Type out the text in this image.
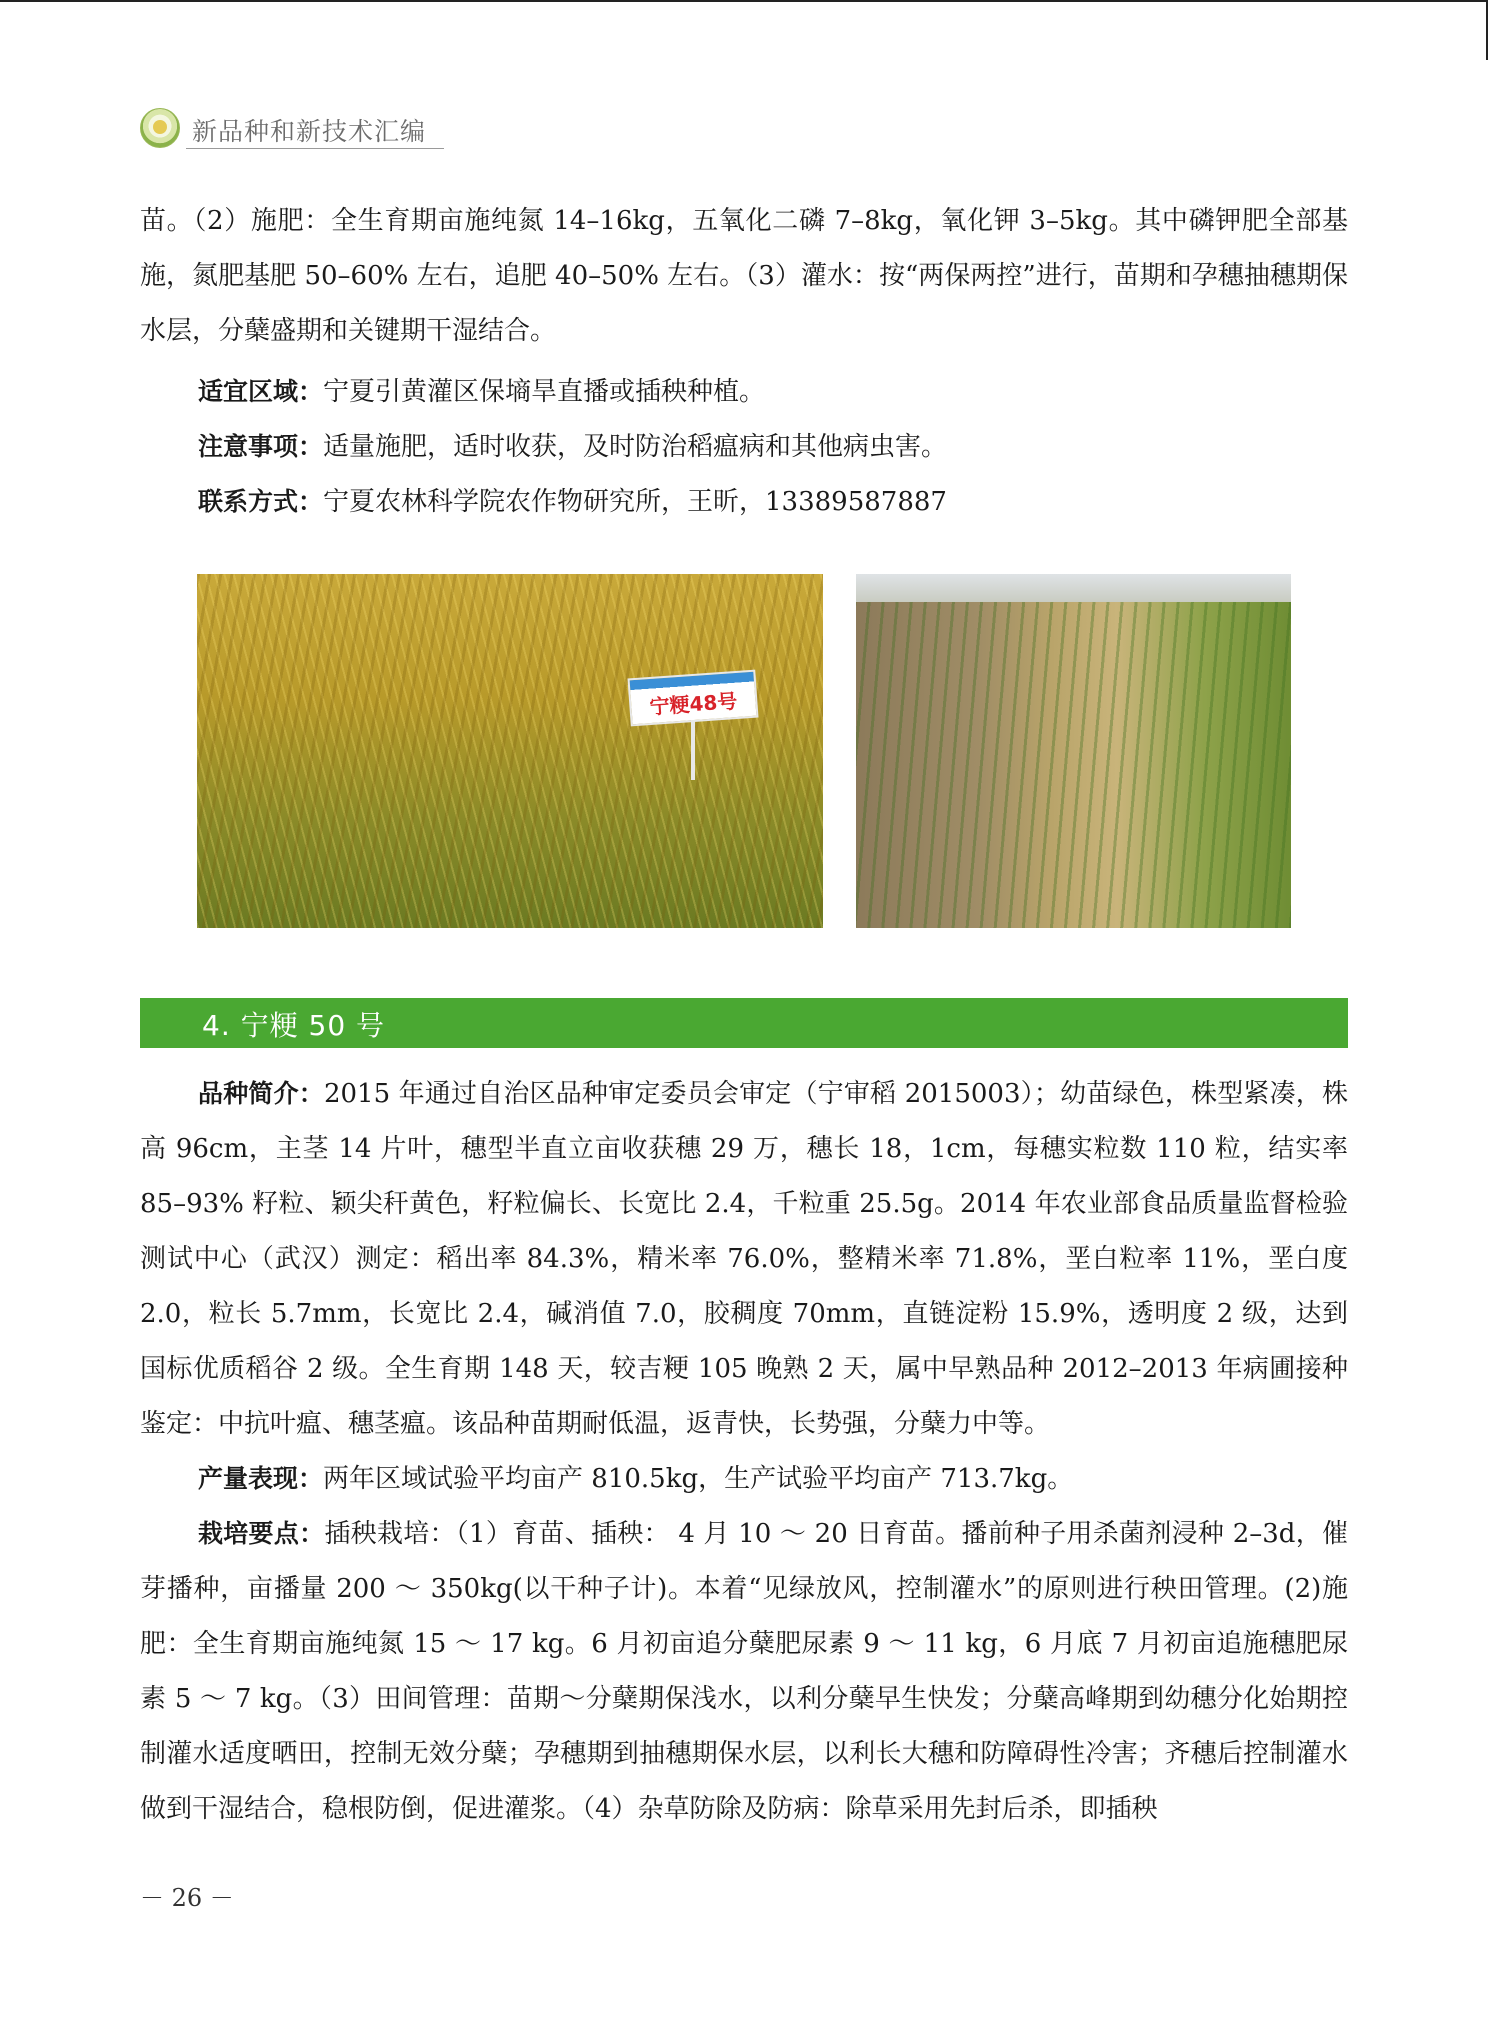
新品种和新技术汇编

苗。（2）施肥：全生育期亩施纯氮 14–16kg，五氧化二磷 7–8kg，氧化钾 3–5kg。其中磷钾肥全部基施，氮肥基肥 50–60% 左右，追肥 40–50% 左右。（3）灌水：按“两保两控”进行，苗期和孕穗抽穗期保水层，分蘖盛期和关键期干湿结合。

适宜区域：宁夏引黄灌区保墒旱直播或插秧种植。

注意事项：适量施肥，适时收获，及时防治稻瘟病和其他病虫害。

联系方式：宁夏农林科学院农作物研究所，王昕，13389587887

宁粳48号
4. 宁粳 50 号

品种简介：2015 年通过自治区品种审定委员会审定（宁审稻 2015003）；幼苗绿色，株型紧凑，株高 96cm，主茎 14 片叶，穗型半直立亩收获穗 29 万，穗长 18，1cm，每穗实粒数 110 粒，结实率 85–93% 籽粒、颖尖秆黄色，籽粒偏长、长宽比 2.4，千粒重 25.5g。2014 年农业部食品质量监督检验测试中心（武汉）测定：稻出率 84.3%，精米率 76.0%，整精米率 71.8%，垩白粒率 11%，垩白度 2.0，粒长 5.7mm，长宽比 2.4，碱消值 7.0，胶稠度 70mm，直链淀粉 15.9%，透明度 2 级，达到国标优质稻谷 2 级。全生育期 148 天，较吉粳 105 晚熟 2 天，属中早熟品种 2012–2013 年病圃接种鉴定：中抗叶瘟、穗茎瘟。该品种苗期耐低温，返青快，长势强，分蘖力中等。

产量表现：两年区域试验平均亩产 810.5kg，生产试验平均亩产 713.7kg。

栽培要点：插秧栽培：（1）育苗、插秧： 4 月 10 ～ 20 日育苗。播前种子用杀菌剂浸种 2–3d，催芽播种，亩播量 200 ～ 350kg(以干种子计)。本着“见绿放风，控制灌水”的原则进行秧田管理。(2)施肥：全生育期亩施纯氮 15 ～ 17 kg。6 月初亩追分蘖肥尿素 9 ～ 11 kg，6 月底 7 月初亩追施穗肥尿素 5 ～ 7 kg。（3）田间管理：苗期～分蘖期保浅水，以利分蘖早生快发；分蘖高峰期到幼穗分化始期控制灌水适度晒田，控制无效分蘖；孕穗期到抽穗期保水层，以利长大穗和防障碍性冷害；齐穗后控制灌水做到干湿结合，稳根防倒，促进灌浆。（4）杂草防除及防病：除草采用先封后杀，即插秧

－ 26 －
